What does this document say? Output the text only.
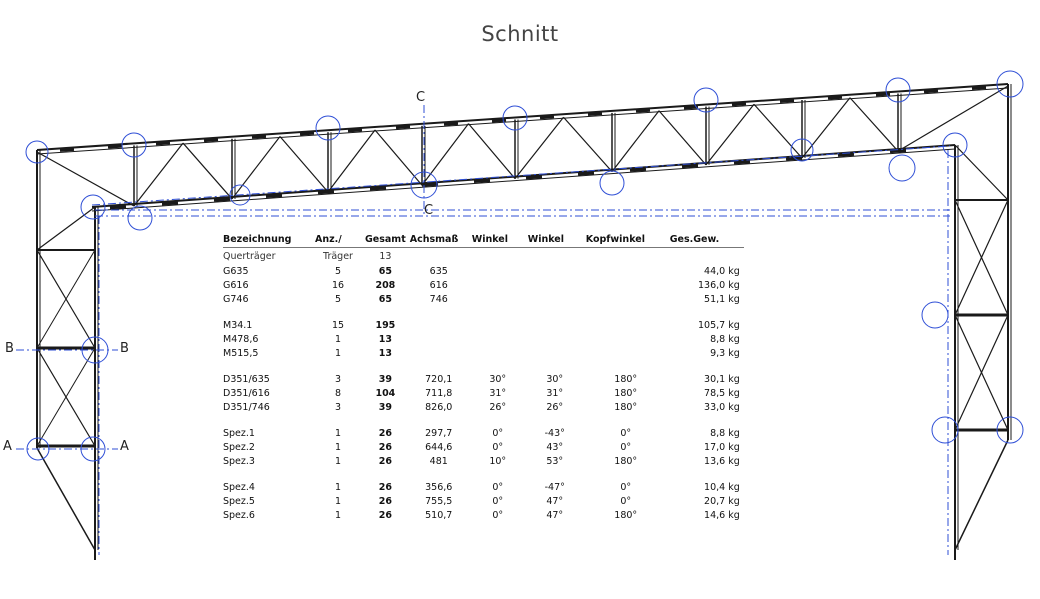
Schnitt
B	B
A	A
C
C
Bezeichnung	Anz./	Gesamt	Achsmaß	Winkel	Winkel	Kopfwinkel	Ges.Gew.
Querträger	Träger	13					
G635	5	65	635				44,0 kg
G616	16	208	616				136,0 kg
G746	5	65	746				51,1 kg

M34.1	15	195					105,7 kg
M478,6	1	13					8,8 kg
M515,5	1	13					9,3 kg

D351/635	3	39	720,1	30°	30°	180°	30,1 kg
D351/616	8	104	711,8	31°	31°	180°	78,5 kg
D351/746	3	39	826,0	26°	26°	180°	33,0 kg

Spez.1	1	26	297,7	0°	-43°	0°	8,8 kg
Spez.2	1	26	644,6	0°	43°	0°	17,0 kg
Spez.3	1	26	481	10°	53°	180°	13,6 kg

Spez.4	1	26	356,6	0°	-47°	0°	10,4 kg
Spez.5	1	26	755,5	0°	47°	0°	20,7 kg
Spez.6	1	26	510,7	0°	47°	180°	14,6 kg
